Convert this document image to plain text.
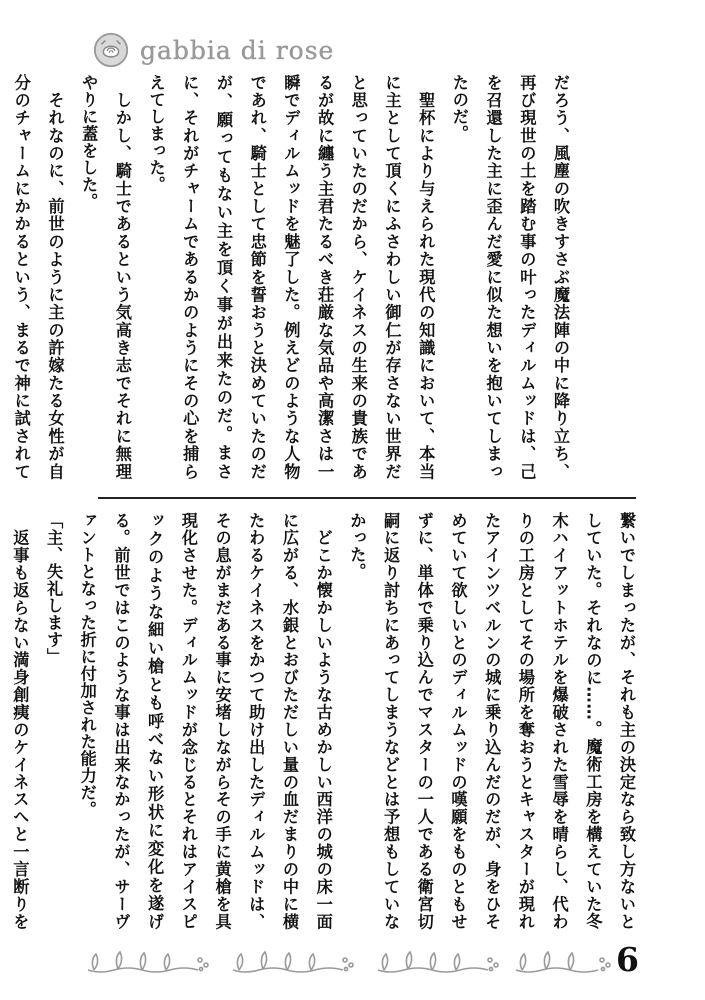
gabbia di rose

だろう、風塵の吹きすさぶ魔法陣の中に降り立ち、再び現世の土を踏む事の叶ったディルムッドは、己を召還した主に歪んだ愛に似た想いを抱いてしまったのだ。

　聖杯により与えられた現代の知識において、本当に主として頂くにふさわしい御仁が存さない世界だと思っていたのだから、ケイネスの生来の貴族であるが故に纏う主君たるべき荘厳な気品や高潔さは一瞬でディルムッドを魅了した。例えどのような人物であれ、騎士として忠節を誓おうと決めていたのだが、願ってもない主を頂く事が出来たのだ。まさに、それがチャームであるかのようにその心を捕らえてしまった。

　しかし、騎士であるという気高き志でそれに無理やりに蓋をした。

　それなのに、前世のように主の許嫁たる女性が自分のチャームにかかるという、まるで神に試されて

繋いでしまったが、それも主の決定なら致し方ないとしていた。それなのに……。魔術工房を構えていた冬木ハイアットホテルを爆破された雪辱を晴らし、代わりの工房としてその場所を奪おうとキャスターが現れたアインツベルンの城に乗り込んだのだが、身をひそめていて欲しいとのディルムッドの嘆願をものともせずに、単体で乗り込んでマスターの一人である衛宮切嗣に返り討ちにあってしまうなどとは予想もしていなかった。

　どこか懐かしいような古めかしい西洋の城の床一面に広がる、水銀とおびただしい量の血だまりの中に横たわるケイネスをかつて助け出したディルムッドは、その息がまだある事に安堵しながらその手に黄槍を具現化させた。ディルムッドが念じるとそれはアイスピックのような細い槍とも呼べない形状に変化を遂げる。前世ではこのような事は出来なかったが、サーヴァントとなった折に付加された能力だ。

「主、失礼します」

　返事も返らない満身創痍のケイネスへと一言断りを

6
